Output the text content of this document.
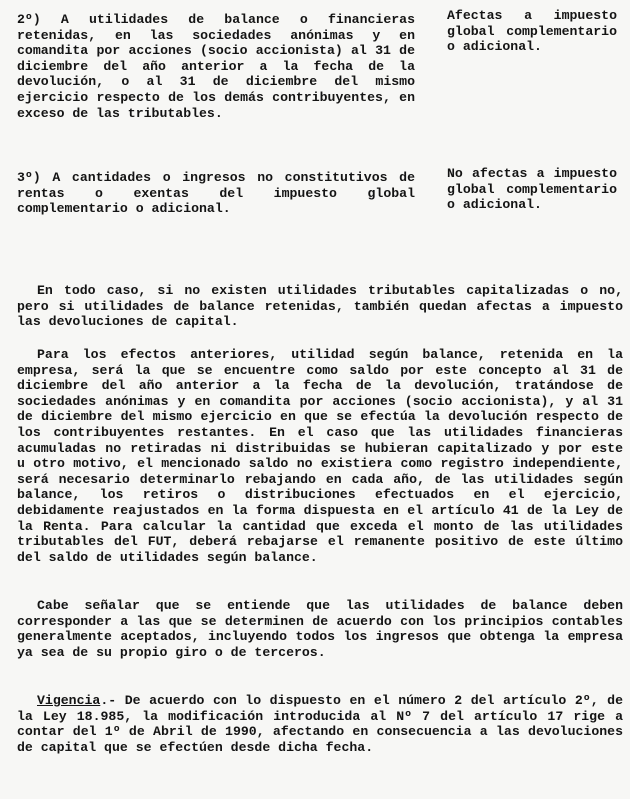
2º) A utilidades de balance o financieras retenidas, en las sociedades anónimas y en comandita por acciones (socio accionista) al 31 de diciembre del año anterior a la fecha de la devolución, o al 31 de diciembre del mismo ejercicio respecto de los demás contribuyentes, en exceso de las tributables.
Afectas a impuesto global complementario o adicional.
3º) A cantidades o ingresos no constitutivos de rentas o exentas del impuesto global complementario o adicional.
No afectas a impuesto global complementario o adicional.
En todo caso, si no existen utilidades tributables capitalizadas o no, pero si utilidades de balance retenidas, también quedan afectas a impuesto las devoluciones de capital.
Para los efectos anteriores, utilidad según balance, retenida en la empresa, será la que se encuentre como saldo por este concepto al 31 de diciembre del año anterior a la fecha de la devolución, tratándose de sociedades anónimas y en comandita por acciones (socio accionista), y al 31 de diciembre del mismo ejercicio en que se efectúa la devolución respecto de los contribuyentes restantes. En el caso que las utilidades financieras acumuladas no retiradas ni distribuidas se hubieran capitalizado y por este u otro motivo, el mencionado saldo no existiera como registro independiente, será necesario determinarlo rebajando en cada año, de las utilidades según balance, los retiros o distribuciones efectuados en el ejercicio, debidamente reajustados en la forma dispuesta en el artículo 41 de la Ley de la Renta. Para calcular la cantidad que exceda el monto de las utilidades tributables del FUT, deberá rebajarse el remanente positivo de este último del saldo de utilidades según balance.
Cabe señalar que se entiende que las utilidades de balance deben corresponder a las que se determinen de acuerdo con los principios contables generalmente aceptados, incluyendo todos los ingresos que obtenga la empresa ya sea de su propio giro o de terceros.
Vigencia.- De acuerdo con lo dispuesto en el número 2 del artículo 2º, de la Ley 18.985, la modificación introducida al Nº 7 del artículo 17 rige a contar del 1º de Abril de 1990, afectando en consecuencia a las devoluciones de capital que se efectúen desde dicha fecha.
